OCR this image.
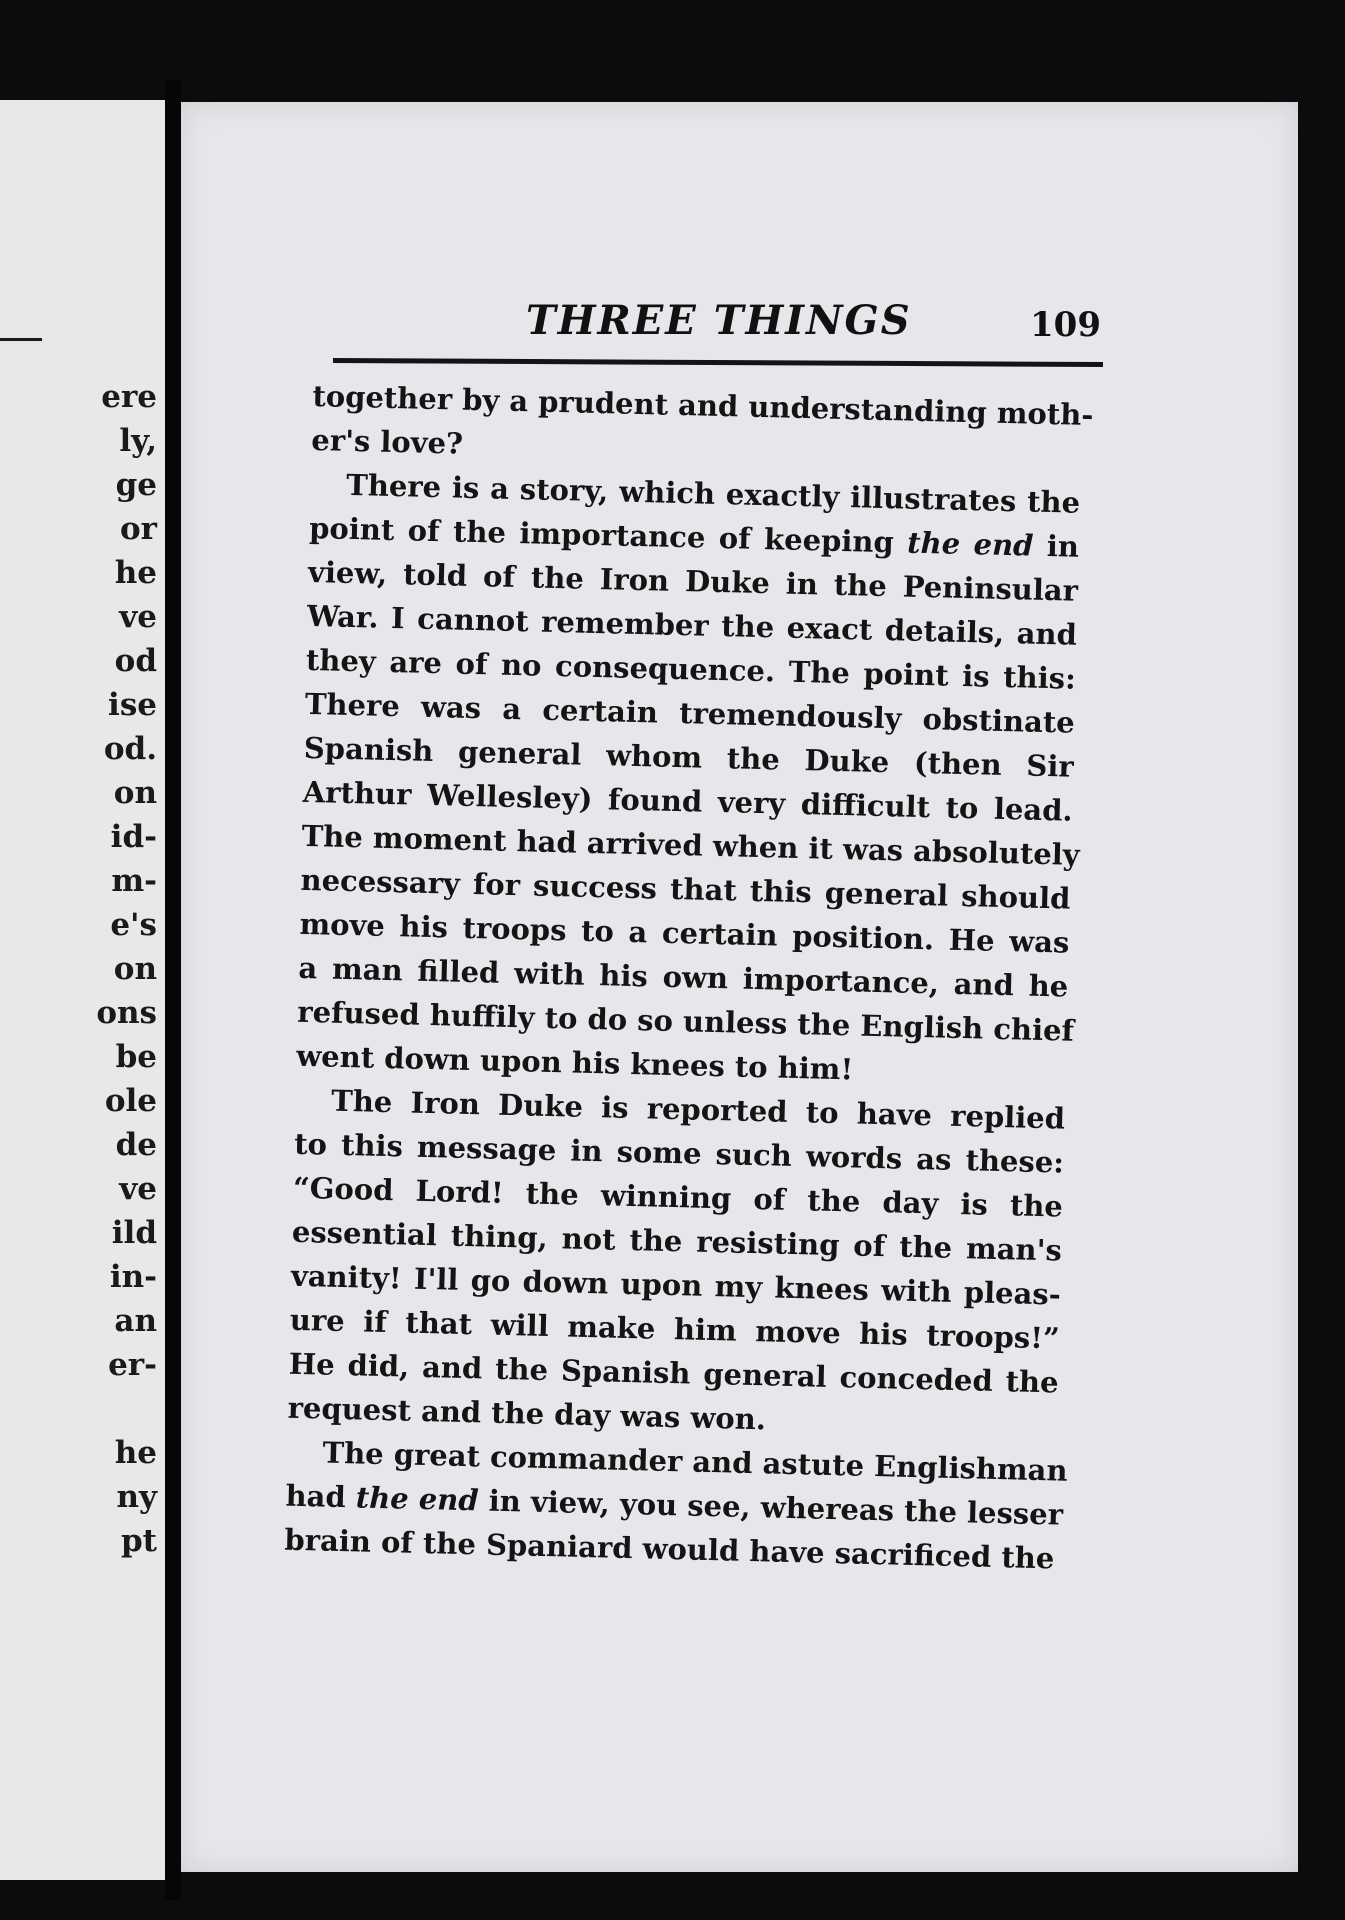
ere
ly,
ge
or
he
ve
od
ise
od.
on
id-
m-
e's
on
ons
be
ole
de
ve
ild
in-
an
er-
he
ny
pt
THREE THINGS	109
together by a prudent and understanding moth-
er's love?
There is a story, which exactly illustrates the
point of the importance of keeping the end in
view, told of the Iron Duke in the Peninsular
War. I cannot remember the exact details, and
they are of no consequence. The point is this:
There was a certain tremendously obstinate
Spanish general whom the Duke (then Sir
Arthur Wellesley) found very difficult to lead.
The moment had arrived when it was absolutely
necessary for success that this general should
move his troops to a certain position. He was
a man filled with his own importance, and he
refused huffily to do so unless the English chief
went down upon his knees to him!
The Iron Duke is reported to have replied
to this message in some such words as these:
“Good Lord! the winning of the day is the
essential thing, not the resisting of the man's
vanity! I'll go down upon my knees with pleas-
ure if that will make him move his troops!”
He did, and the Spanish general conceded the
request and the day was won.
The great commander and astute Englishman
had the end in view, you see, whereas the lesser
brain of the Spaniard would have sacrificed the
